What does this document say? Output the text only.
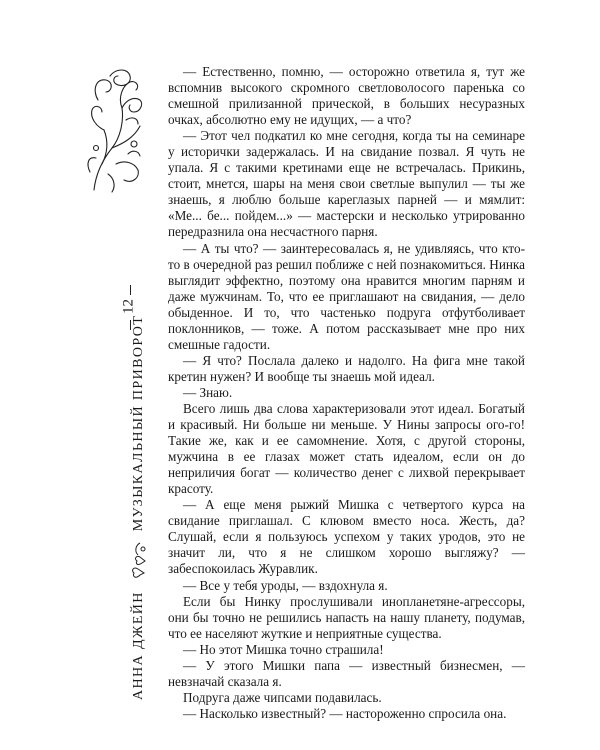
12
АННА ДЖЕЙН
МУЗЫКАЛЬНЫЙ ПРИВОРОТ

— Естественно, помню, — осторожно ответила я, тут же вспомнив высокого скромного светловолосого паренька со смешной прилизанной прической, в больших несуразных очках, абсолютно ему не идущих, — а что?

— Этот чел подкатил ко мне сегодня, когда ты на семинаре у исторички задержалась. И на свидание позвал. Я чуть не упала. Я с такими кретинами еще не встречалась. Прикинь, стоит, мнется, шары на меня свои светлые выпулил — ты же знаешь, я люблю больше кареглазых парней — и мямлит: «Ме... бе... пойдем...» — мастерски и несколько утрированно передразнила она несчастного парня.

— А ты что? — заинтересовалась я, не удивляясь, что кто-то в очередной раз решил поближе с ней познакомиться. Нинка выглядит эффектно, поэтому она нравится многим парням и даже мужчинам. То, что ее приглашают на свидания, — дело обыденное. И то, что частенько подруга отфутболивает поклонников, — тоже. А потом рассказывает мне про них смешные гадости.

— Я что? Послала далеко и надолго. На фига мне такой кретин нужен? И вообще ты знаешь мой идеал.

— Знаю.

Всего лишь два слова характеризовали этот идеал. Богатый и красивый. Ни больше ни меньше. У Нины запросы ого-го! Такие же, как и ее самомнение. Хотя, с другой стороны, мужчина в ее глазах может стать идеалом, если он до неприличия богат — количество денег с лихвой перекрывает красоту.

— А еще меня рыжий Мишка с четвертого курса на свидание приглашал. С клювом вместо носа. Жесть, да? Слушай, если я пользуюсь успехом у таких уродов, это не значит ли, что я не слишком хорошо выгляжу? — забеспокоилась Журавлик.

— Все у тебя уроды, — вздохнула я.

Если бы Нинку прослушивали инопланетяне-агрессоры, они бы точно не решились напасть на нашу планету, подумав, что ее населяют жуткие и неприятные существа.

— Но этот Мишка точно страшила!

— У этого Мишки папа — известный бизнесмен, — невзначай сказала я.

Подруга даже чипсами подавилась.

— Насколько известный? — настороженно спросила она.
